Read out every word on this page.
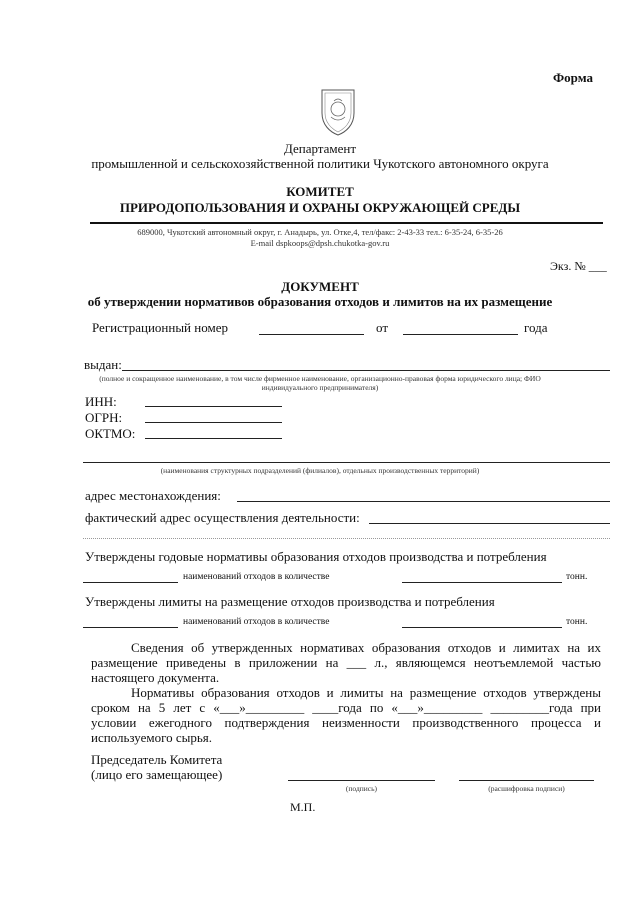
Форма
Департамент
промышленной и сельскохозяйственной политики Чукотского автономного округа
КОМИТЕТ
ПРИРОДОПОЛЬЗОВАНИЯ И ОХРАНЫ ОКРУЖАЮЩЕЙ СРЕДЫ
689000, Чукотский автономный округ, г. Анадырь, ул. Отке,4, тел/факс: 2-43-33 тел.: 6-35-24, 6-35-26
E-mail dspkoops@dpsh.chukotka-gov.ru
Экз. № ___
ДОКУМЕНТ
об утверждении нормативов образования отходов и лимитов на их размещение
Регистрационный номер	от	года
выдан:
(полное и сокращенное наименование, в том числе фирменное наименование, организационно-правовая форма юридического лица; ФИО
индивидуального предпринимателя)
ИНН:
ОГРН:
ОКТМО:
(наименования структурных подразделений (филиалов), отдельных производственных территорий)
адрес местонахождения:
фактический адрес осуществления деятельности:
Утверждены годовые нормативы образования отходов производства и потребления
наименований отходов в количестве	тонн.
Утверждены лимиты на размещение отходов производства и потребления
наименований отходов в количестве	тонн.
Сведения об утвержденных нормативах образования отходов и лимитах на их размещение приведены в приложении на ___ л., являющемся неотъемлемой частью настоящего документа.
Нормативы образования отходов и лимиты на размещение отходов утверждены сроком на 5 лет с «___»_________ ____года по «___»_________ _________года при условии ежегодного подтверждения неизменности производственного процесса и используемого сырья.
Председатель Комитета
(лицо его замещающее)
(подпись)	(расшифровка подписи)
М.П.
